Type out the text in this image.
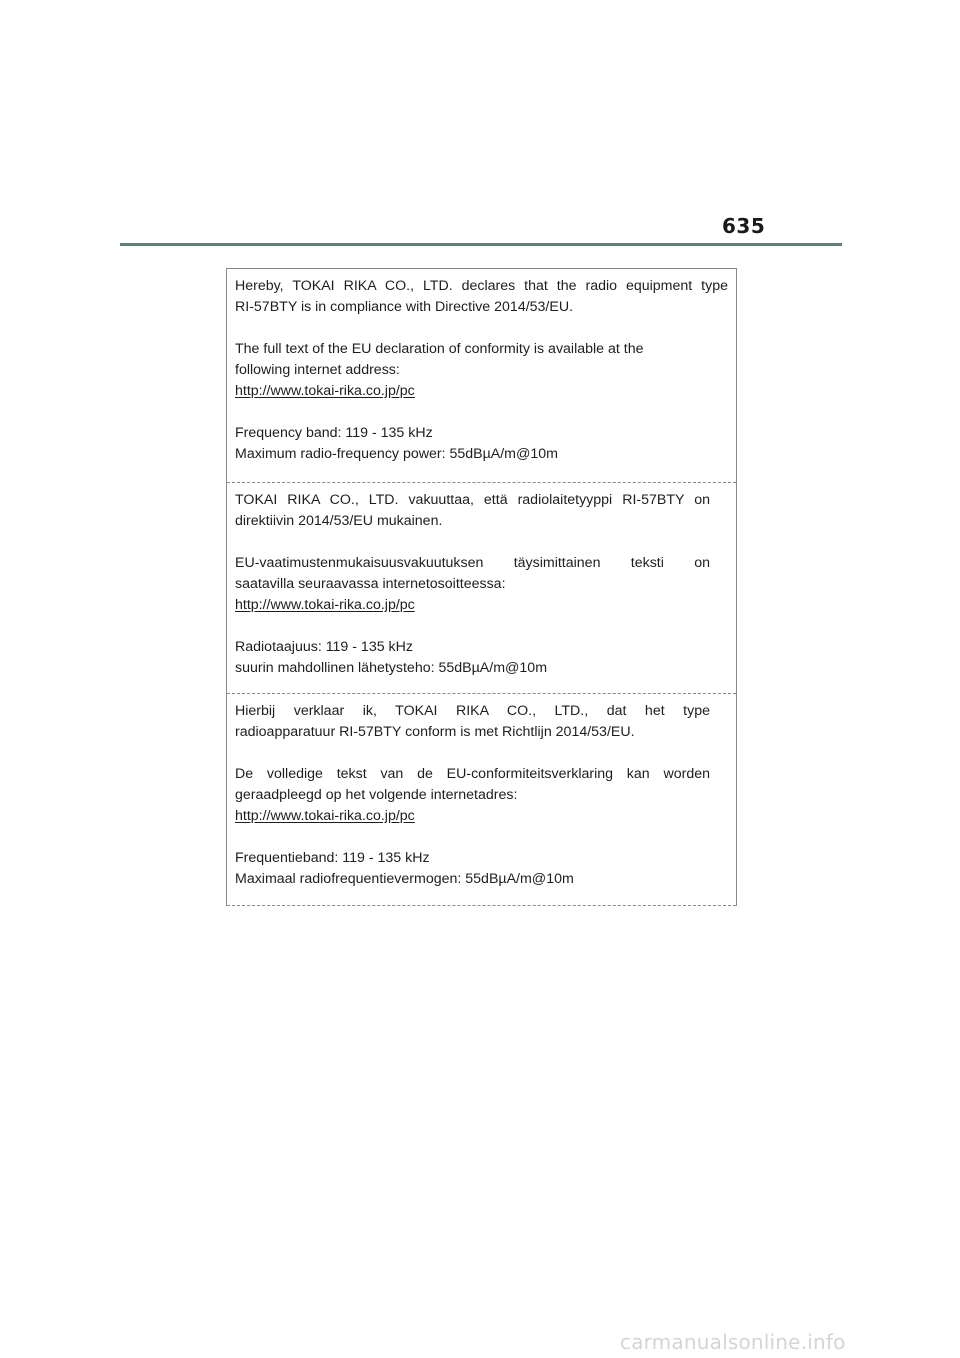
635

Hereby, TOKAI RIKA CO., LTD. declares that the radio equipment type

RI-57BTY is in compliance with Directive 2014/53/EU.

The full text of the EU declaration of conformity is available at the

following internet address:

http://www.tokai-rika.co.jp/pc

Frequency band: 119 - 135 kHz

Maximum radio-frequency power: 55dBµA/m@10m

TOKAI RIKA CO., LTD. vakuuttaa, että radiolaitetyyppi RI-57BTY on

direktiivin 2014/53/EU mukainen.

EU-vaatimustenmukaisuusvakuutuksen täysimittainen teksti on

saatavilla seuraavassa internetosoitteessa:

http://www.tokai-rika.co.jp/pc

Radiotaajuus: 119 - 135 kHz

suurin mahdollinen lähetysteho: 55dBµA/m@10m

Hierbij verklaar ik, TOKAI RIKA CO., LTD., dat het type

radioapparatuur RI-57BTY conform is met Richtlijn 2014/53/EU.

De volledige tekst van de EU-conformiteitsverklaring kan worden

geraadpleegd op het volgende internetadres:

http://www.tokai-rika.co.jp/pc

Frequentieband: 119 - 135 kHz

Maximaal radiofrequentievermogen: 55dBµA/m@10m

carmanualsonline.info
